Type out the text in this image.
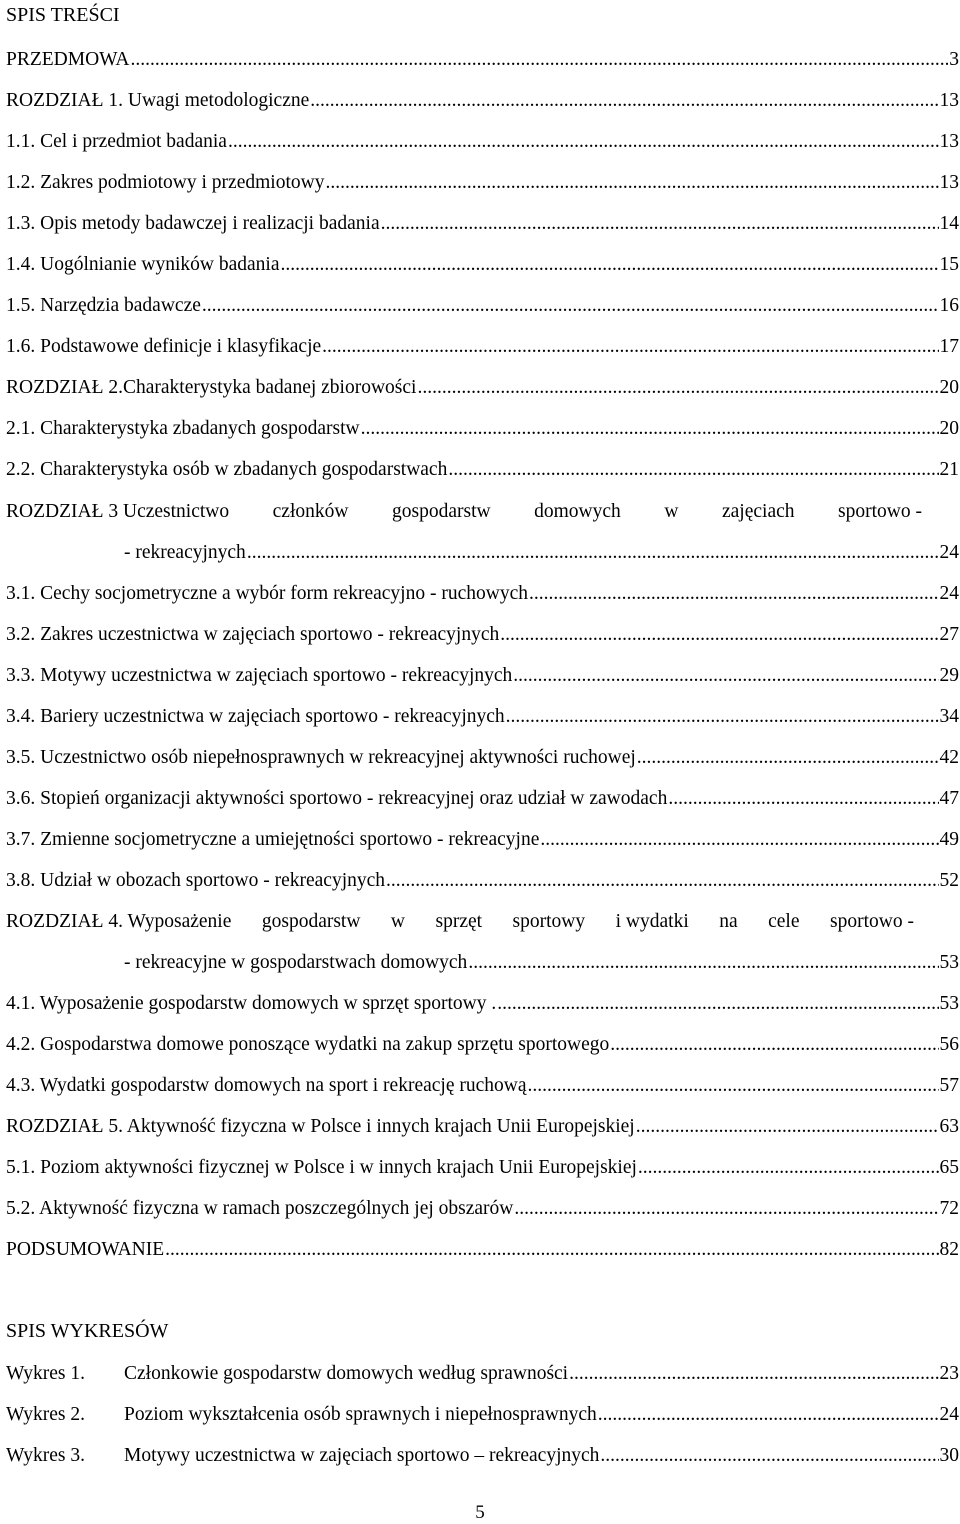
SPIS TREŚCI
PRZEDMOWA .....	3
ROZDZIAŁ 1. Uwagi metodologiczne .....	13
1.1. Cel i przedmiot badania .....	13
1.2. Zakres podmiotowy i przedmiotowy .....	13
1.3. Opis metody badawczej i realizacji badania .....	14
1.4. Uogólnianie wyników badania .....	15
1.5. Narzędzia badawcze .....	16
1.6. Podstawowe definicje i klasyfikacje .....	17
ROZDZIAŁ 2.Charakterystyka badanej zbiorowości .....	20
2.1. Charakterystyka zbadanych gospodarstw .....	20
2.2. Charakterystyka osób w zbadanych gospodarstwach .....	21
ROZDZIAŁ 3 Uczestnictwo członków gospodarstw domowych w zajęciach sportowo -
- rekreacyjnych .....	24
3.1. Cechy socjometryczne a wybór form rekreacyjno - ruchowych .....	24
3.2. Zakres uczestnictwa w zajęciach sportowo - rekreacyjnych .....	27
3.3. Motywy uczestnictwa w zajęciach sportowo - rekreacyjnych .....	29
3.4. Bariery uczestnictwa w zajęciach sportowo - rekreacyjnych .....	34
3.5. Uczestnictwo osób niepełnosprawnych w rekreacyjnej aktywności ruchowej .....	42
3.6. Stopień organizacji aktywności sportowo - rekreacyjnej oraz udział w zawodach .....	47
3.7. Zmienne socjometryczne a umiejętności sportowo - rekreacyjne .....	49
3.8. Udział w obozach sportowo - rekreacyjnych .....	52
ROZDZIAŁ 4. Wyposażenie gospodarstw w sprzęt sportowy i wydatki na cele sportowo -
- rekreacyjne w gospodarstwach domowych .....	53
4.1. Wyposażenie gospodarstw domowych w sprzęt sportowy . .....	53
4.2. Gospodarstwa domowe ponoszące wydatki na zakup sprzętu sportowego .....	56
4.3. Wydatki gospodarstw domowych na sport i rekreację ruchową .....	57
ROZDZIAŁ 5. Aktywność fizyczna w Polsce i innych krajach Unii Europejskiej .....	63
5.1. Poziom aktywności fizycznej w Polsce i w innych krajach Unii Europejskiej .....	65
5.2. Aktywność fizyczna w ramach poszczególnych jej obszarów .....	72
PODSUMOWANIE .....	82
SPIS WYKRESÓW
Wykres 1.	Członkowie gospodarstw domowych według sprawności .....	23
Wykres 2.	Poziom wykształcenia osób sprawnych i niepełnosprawnych .....	24
Wykres 3.	Motywy uczestnictwa w zajęciach sportowo – rekreacyjnych .....	30
5
